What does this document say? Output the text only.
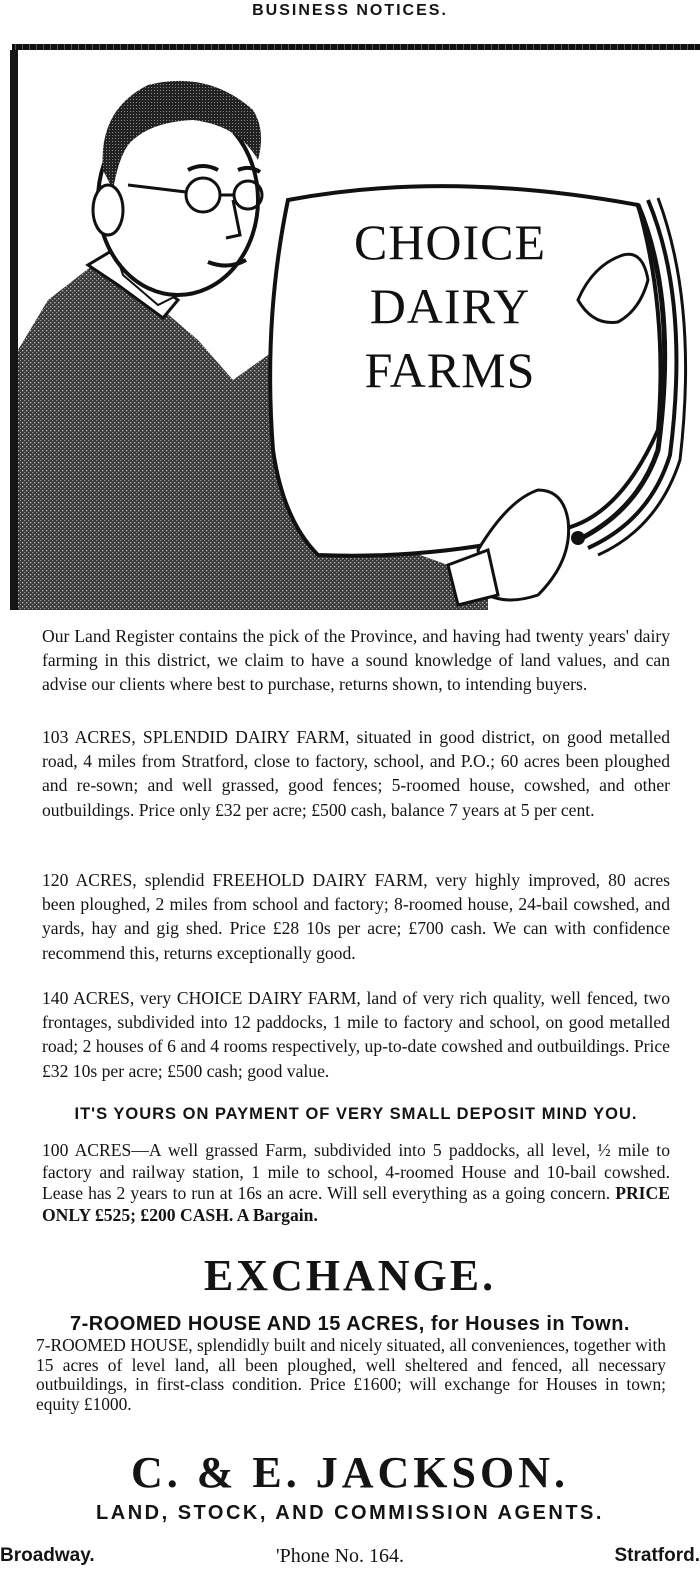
BUSINESS NOTICES.
CHOICE
DAIRY
FARMS

Our Land Register contains the pick of the Province, and having had twenty years' dairy farming in this district, we claim to have a sound knowledge of land values, and can advise our clients where best to purchase, returns shown, to intending buyers.

103 ACRES, SPLENDID DAIRY FARM, situated in good district, on good metalled road, 4 miles from Stratford, close to factory, school, and P.O.; 60 acres been ploughed and re-sown; and well grassed, good fences; 5-roomed house, cowshed, and other outbuildings. Price only £32 per acre; £500 cash, balance 7 years at 5 per cent.

120 ACRES, splendid FREEHOLD DAIRY FARM, very highly improved, 80 acres been ploughed, 2 miles from school and factory; 8-roomed house, 24-bail cowshed, and yards, hay and gig shed. Price £28 10s per acre; £700 cash. We can with confidence recommend this, returns exceptionally good.

140 ACRES, very CHOICE DAIRY FARM, land of very rich quality, well fenced, two frontages, subdivided into 12 paddocks, 1 mile to factory and school, on good metalled road; 2 houses of 6 and 4 rooms respectively, up-to-date cowshed and outbuildings. Price £32 10s per acre; £500 cash; good value.

IT'S YOURS ON PAYMENT OF VERY SMALL DEPOSIT MIND YOU.
100 ACRES—A well grassed Farm, subdivided into 5 paddocks, all level, ½ mile to factory and railway station, 1 mile to school, 4-roomed House and 10-bail cowshed. Lease has 2 years to run at 16s an acre. Will sell everything as a going concern. PRICE ONLY £525; £200 CASH. A Bargain.
EXCHANGE.
7-ROOMED HOUSE AND 15 ACRES, for Houses in Town.
7-ROOMED HOUSE, splendidly built and nicely situated, all conveniences, together with 15 acres of level land, all been ploughed, well sheltered and fenced, all necessary outbuildings, in first-class condition. Price £1600; will exchange for Houses in town; equity £1000.
C. & E. JACKSON.
LAND, STOCK, AND COMMISSION AGENTS.
Broadway.	'Phone No. 164.	Stratford.
